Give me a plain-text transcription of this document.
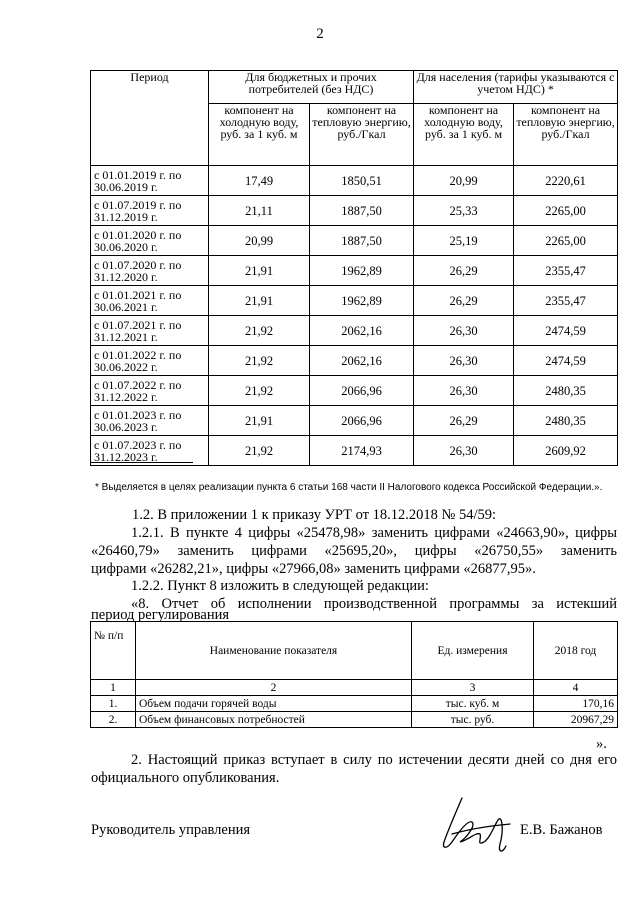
2
Период	Для бюджетных и прочих потребителей (без НДС)		Для населения (тарифы указываются с учетом НДС) *	
	компонент на холодную воду, руб. за 1 куб. м	компонент на тепловую энергию, руб./Гкал	компонент на холодную воду, руб. за 1 куб. м	компонент на тепловую энергию, руб./Гкал
с 01.01.2019 г. по 30.06.2019 г.	17,49	1850,51	20,99	2220,61
с 01.07.2019 г. по 31.12.2019 г.	21,11	1887,50	25,33	2265,00
с 01.01.2020 г. по 30.06.2020 г.	20,99	1887,50	25,19	2265,00
с 01.07.2020 г. по 31.12.2020 г.	21,91	1962,89	26,29	2355,47
с 01.01.2021 г. по 30.06.2021 г.	21,91	1962,89	26,29	2355,47
с 01.07.2021 г. по 31.12.2021 г.	21,92	2062,16	26,30	2474,59
с 01.01.2022 г. по 30.06.2022 г.	21,92	2062,16	26,30	2474,59
с 01.07.2022 г. по 31.12.2022 г.	21,92	2066,96	26,30	2480,35
с 01.01.2023 г. по 30.06.2023 г.	21,91	2066,96	26,29	2480,35
с 01.07.2023 г. по 31.12.2023 г.	21,92	2174,93	26,30	2609,92
* Выделяется в целях реализации пункта 6 статьи 168 части II Налогового кодекса Российской Федерации.».
1.2. В приложении 1 к приказу УРТ от 18.12.2018 № 54/59:
1.2.1. В пункте 4 цифры «25478,98» заменить цифрами «24663,90», цифры
«26460,79» заменить цифрами «25695,20», цифры «26750,55» заменить
цифрами «26282,21», цифры «27966,08» заменить цифрами «26877,95».
1.2.2. Пункт 8 изложить в следующей редакции:
«8. Отчет об исполнении производственной программы за истекший
период регулирования
№ п/п	Наименование показателя	Ед. измерения	2018 год
1	2	3	4
1.	Объем подачи горячей воды	тыс. куб. м	170,16
2.	Объем финансовых потребностей	тыс. руб.	20967,29
».
2. Настоящий приказ вступает в силу по истечении десяти дней со дня его
официального опубликования.
Руководитель управления	Е.В. Бажанов
